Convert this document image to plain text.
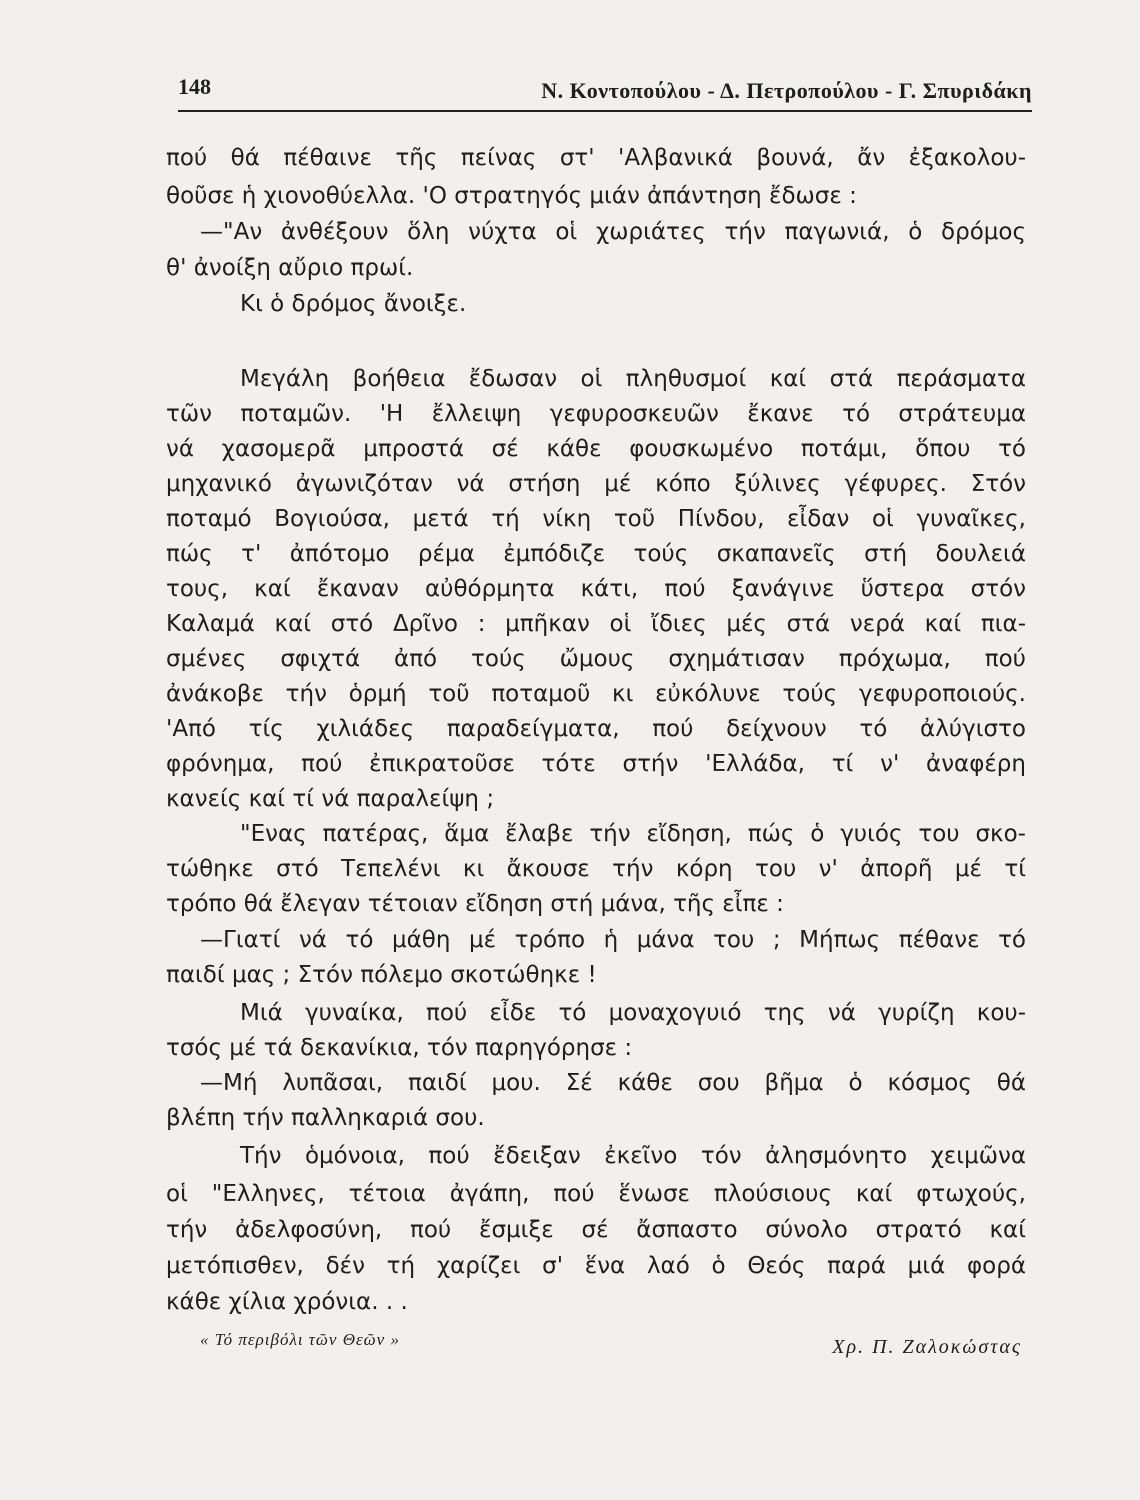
148	Ν. Κοντοπούλου - Δ. Πετροπούλου - Γ. Σπυριδάκη
πού θά πέθαινε τῆς πείνας στ' 'Αλβανικά βουνά, ἄν ἐξακολου-
θοῦσε ἡ χιονοθύελλα. 'Ο στρατηγός μιάν ἀπάντηση ἔδωσε :
—"Αν ἀνθέξουν ὅλη νύχτα οἱ χωριάτες τήν παγωνιά, ὁ δρόμος
θ' ἀνοίξη αὔριο πρωί.
Κι ὁ δρόμος ἄνοιξε.
Μεγάλη βοήθεια ἔδωσαν οἱ πληθυσμοί καί στά περάσματα
τῶν ποταμῶν. 'Η ἔλλειψη γεφυροσκευῶν ἔκανε τό στράτευμα
νά χασομερᾶ μπροστά σέ κάθε φουσκωμένο ποτάμι, ὅπου τό
μηχανικό ἀγωνιζόταν νά στήση μέ κόπο ξύλινες γέφυρες. Στόν
ποταμό Βογιούσα, μετά τή νίκη τοῦ Πίνδου, εἶδαν οἱ γυναῖκες,
πώς τ' ἀπότομο ρέμα ἐμπόδιζε τούς σκαπανεῖς στή δουλειά
τους, καί ἔκαναν αὐθόρμητα κάτι, πού ξανάγινε ὕστερα στόν
Καλαμά καί στό Δρῖνο : μπῆκαν οἱ ἴδιες μές στά νερά καί πια-
σμένες σφιχτά ἀπό τούς ὤμους σχημάτισαν πρόχωμα, πού
ἀνάκοβε τήν ὁρμή τοῦ ποταμοῦ κι εὐκόλυνε τούς γεφυροποιούς.
'Από τίς χιλιάδες παραδείγματα, πού δείχνουν τό ἀλύγιστο
φρόνημα, πού ἐπικρατοῦσε τότε στήν 'Ελλάδα, τί ν' ἀναφέρη
κανείς καί τί νά παραλείψη ;
"Ενας πατέρας, ἅμα ἔλαβε τήν εἴδηση, πώς ὁ γυιός του σκο-
τώθηκε στό Τεπελένι κι ἄκουσε τήν κόρη του ν' ἀπορῆ μέ τί
τρόπο θά ἔλεγαν τέτοιαν εἴδηση στή μάνα, τῆς εἶπε :
—Γιατί νά τό μάθη μέ τρόπο ἡ μάνα του ; Μήπως πέθανε τό
παιδί μας ; Στόν πόλεμο σκοτώθηκε !
Μιά γυναίκα, πού εἶδε τό μοναχογυιό της νά γυρίζη κου-
τσός μέ τά δεκανίκια, τόν παρηγόρησε :
—Μή λυπᾶσαι, παιδί μου. Σέ κάθε σου βῆμα ὁ κόσμος θά
βλέπη τήν παλληκαριά σου.
Τήν ὁμόνοια, πού ἔδειξαν ἐκεῖνο τόν ἀλησμόνητο χειμῶνα
οἱ "Ελληνες, τέτοια ἀγάπη, πού ἕνωσε πλούσιους καί φτωχούς,
τήν ἀδελφοσύνη, πού ἔσμιξε σέ ἄσπαστο σύνολο στρατό καί
μετόπισθεν, δέν τή χαρίζει σ' ἕνα λαό ὁ Θεός παρά μιά φορά
κάθε χίλια χρόνια. . .
« Τό περιβόλι τῶν Θεῶν »	Χρ. Π. Ζαλοκώστας
